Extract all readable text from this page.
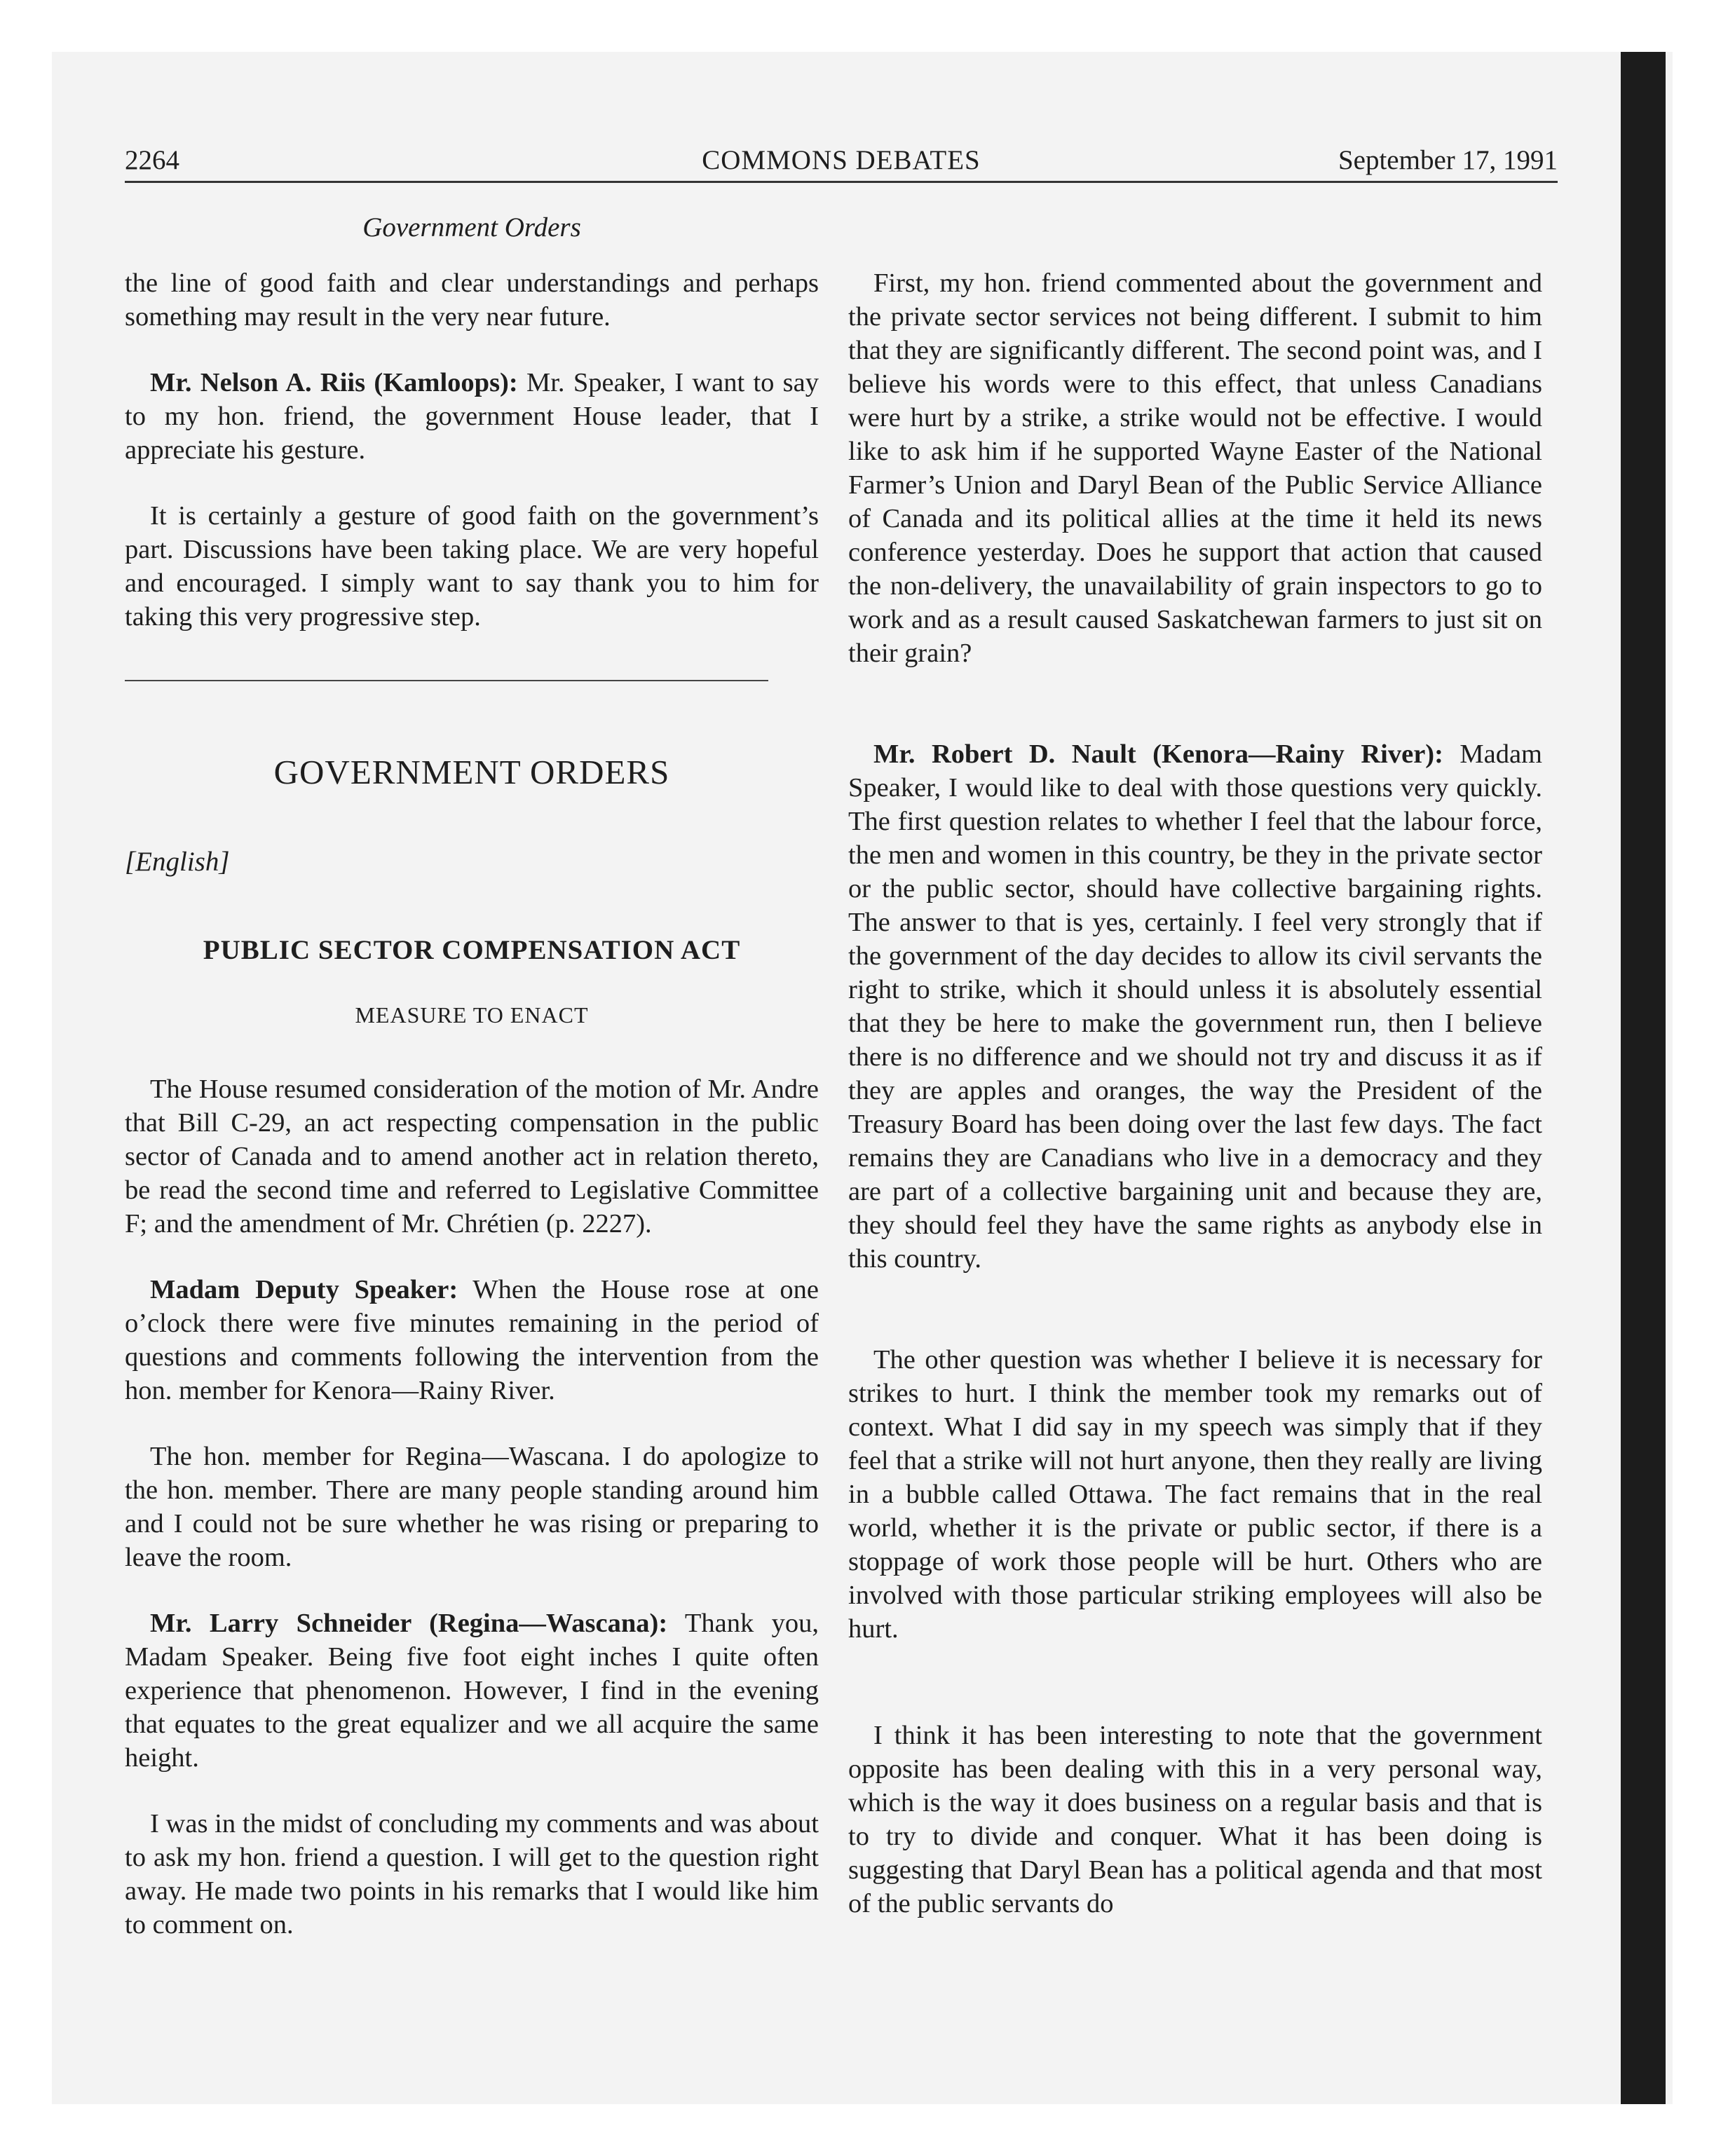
2264	COMMONS DEBATES	September 17, 1991
Government Orders

the line of good faith and clear understandings and perhaps something may result in the very near future.

Mr. Nelson A. Riis (Kamloops): Mr. Speaker, I want to say to my hon. friend, the government House leader, that I appreciate his gesture.

It is certainly a gesture of good faith on the government’s part. Discussions have been taking place. We are very hopeful and encouraged. I simply want to say thank you to him for taking this very progressive step.

GOVERNMENT ORDERS
[English]
PUBLIC SECTOR COMPENSATION ACT
MEASURE TO ENACT

The House resumed consideration of the motion of Mr. Andre that Bill C-29, an act respecting compensation in the public sector of Canada and to amend another act in relation thereto, be read the second time and referred to Legislative Committee F; and the amendment of Mr. Chrétien (p. 2227).

Madam Deputy Speaker: When the House rose at one o’clock there were five minutes remaining in the period of questions and comments following the intervention from the hon. member for Kenora—Rainy River.

The hon. member for Regina—Wascana. I do apologize to the hon. member. There are many people standing around him and I could not be sure whether he was rising or preparing to leave the room.

Mr. Larry Schneider (Regina—Wascana): Thank you, Madam Speaker. Being five foot eight inches I quite often experience that phenomenon. However, I find in the evening that equates to the great equalizer and we all acquire the same height.

I was in the midst of concluding my comments and was about to ask my hon. friend a question. I will get to the question right away. He made two points in his remarks that I would like him to comment on.

First, my hon. friend commented about the government and the private sector services not being different. I submit to him that they are significantly different. The second point was, and I believe his words were to this effect, that unless Canadians were hurt by a strike, a strike would not be effective. I would like to ask him if he supported Wayne Easter of the National Farmer’s Union and Daryl Bean of the Public Service Alliance of Canada and its political allies at the time it held its news conference yesterday. Does he support that action that caused the non-delivery, the unavailability of grain inspectors to go to work and as a result caused Saskatchewan farmers to just sit on their grain?

Mr. Robert D. Nault (Kenora—Rainy River): Madam Speaker, I would like to deal with those questions very quickly. The first question relates to whether I feel that the labour force, the men and women in this country, be they in the private sector or the public sector, should have collective bargaining rights. The answer to that is yes, certainly. I feel very strongly that if the government of the day decides to allow its civil servants the right to strike, which it should unless it is absolutely essential that they be here to make the government run, then I believe there is no difference and we should not try and discuss it as if they are apples and oranges, the way the President of the Treasury Board has been doing over the last few days. The fact remains they are Canadians who live in a democracy and they are part of a collective bargaining unit and because they are, they should feel they have the same rights as anybody else in this country.

The other question was whether I believe it is necessary for strikes to hurt. I think the member took my remarks out of context. What I did say in my speech was simply that if they feel that a strike will not hurt anyone, then they really are living in a bubble called Ottawa. The fact remains that in the real world, whether it is the private or public sector, if there is a stoppage of work those people will be hurt. Others who are involved with those particular striking employees will also be hurt.

I think it has been interesting to note that the government opposite has been dealing with this in a very personal way, which is the way it does business on a regular basis and that is to try to divide and conquer. What it has been doing is suggesting that Daryl Bean has a political agenda and that most of the public servants do
